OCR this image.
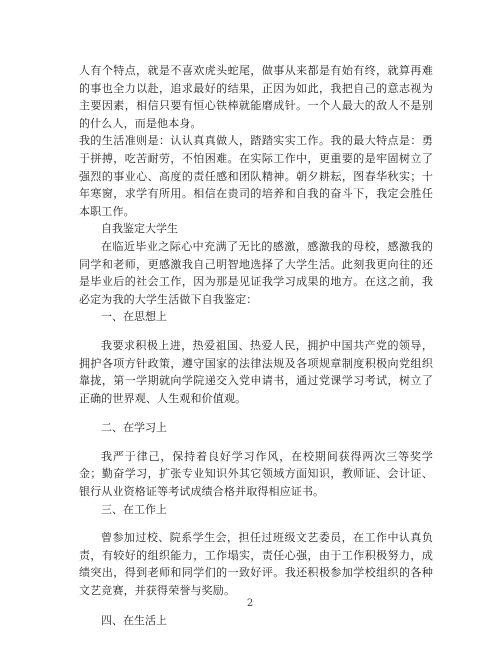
人有个特点，就是不喜欢虎头蛇尾，做事从来都是有始有终，就算再难的事也全力以赴，追求最好的结果，正因为如此，我把自己的意志视为主要因素，相信只要有恒心铁棒就能磨成针。一个人最大的敌人不是别的什么人，而是他本身。

我的生活准则是：认认真真做人，踏踏实实工作。我的最大特点是：勇于拼搏，吃苦耐劳，不怕困难。在实际工作中，更重要的是牢固树立了强烈的事业心、高度的责任感和团队精神。朝夕耕耘，图春华秋实；十年寒窗，求学有所用。相信在贵司的培养和自我的奋斗下，我定会胜任本职工作。

自我鉴定大学生

在临近毕业之际心中充满了无比的感激，感激我的母校，感激我的同学和老师，更感激我自己明智地选择了大学生活。此刻我更向往的还是毕业后的社会工作，因为那是见证我学习成果的地方。在这之前，我必定为我的大学生活做下自我鉴定：

一、在思想上

我要求积极上进，热爱祖国、热爱人民，拥护中国共产党的领导，拥护各项方针政策，遵守国家的法律法规及各项规章制度积极向党组织靠拢，第一学期就向学院递交入党申请书，通过党课学习考试，树立了正确的世界观、人生观和价值观。

二、在学习上

我严于律己，保持着良好学习作风，在校期间获得两次三等奖学金；勤奋学习，扩张专业知识外其它领域方面知识，教师证、会计证、银行从业资格证等考试成绩合格并取得相应证书。

三、在工作上

曾参加过校、院系学生会，担任过班级文艺委员，在工作中认真负责，有较好的组织能力，工作塌实，责任心强，由于工作积极努力，成绩突出，得到老师和同学们的一致好评。我还积极参加学校组织的各种文艺竞赛，并获得荣誉与奖励。

四、在生活上
2
